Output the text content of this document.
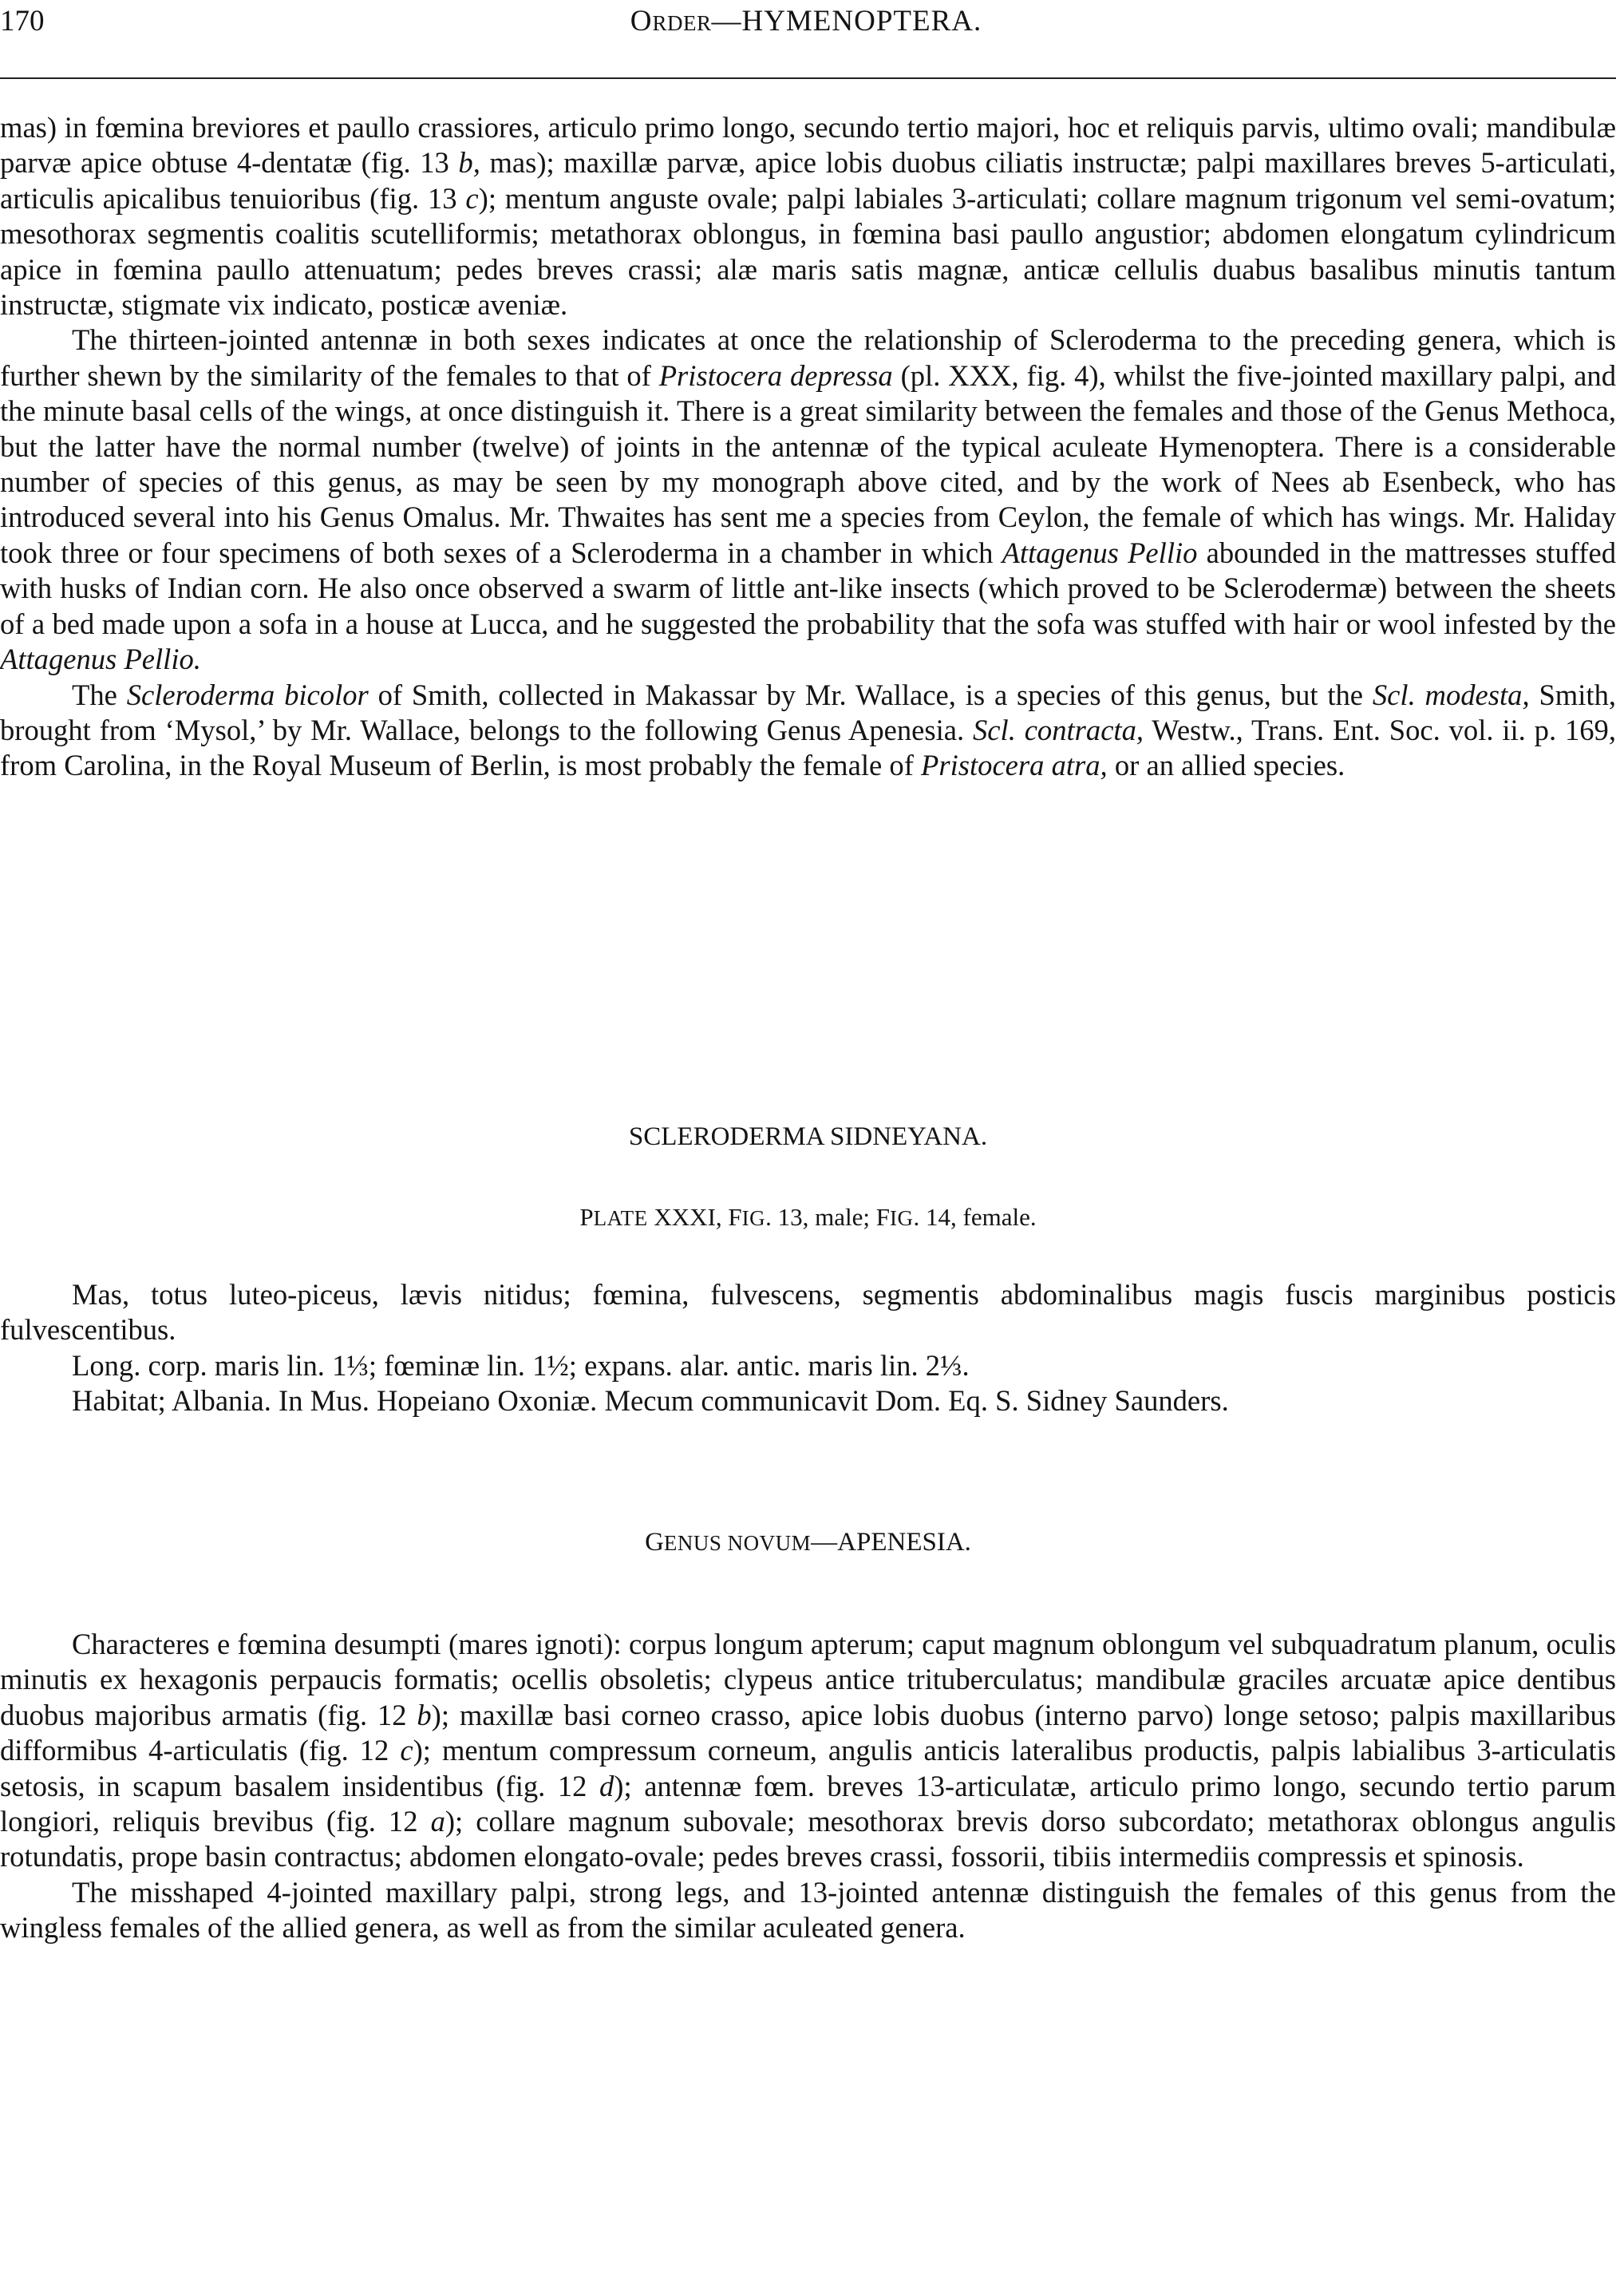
170	ORDER—HYMENOPTERA.

mas) in fœmina breviores et paullo crassiores, articulo primo longo, secundo tertio majori, hoc et reliquis parvis, ultimo ovali; mandibulæ parvæ apice obtuse 4-dentatæ (fig. 13 b, mas); maxillæ parvæ, apice lobis duobus ciliatis instructæ; palpi maxillares breves 5-articulati, articulis apicalibus tenuioribus (fig. 13 c); mentum anguste ovale; palpi labiales 3-articulati; collare magnum trigonum vel semi-ovatum; mesothorax segmentis coalitis scutelliformis; metathorax oblongus, in fœmina basi paullo angustior; abdomen elongatum cylindricum apice in fœmina paullo attenuatum; pedes breves crassi; alæ maris satis magnæ, anticæ cellulis duabus basalibus minutis tantum instructæ, stigmate vix indicato, posticæ aveniæ.

The thirteen-jointed antennæ in both sexes indicates at once the relationship of Scleroderma to the preceding genera, which is further shewn by the similarity of the females to that of Pristocera depressa (pl. XXX, fig. 4), whilst the five-jointed maxillary palpi, and the minute basal cells of the wings, at once distinguish it. There is a great similarity between the females and those of the Genus Methoca, but the latter have the normal number (twelve) of joints in the antennæ of the typical aculeate Hymenoptera. There is a considerable number of species of this genus, as may be seen by my monograph above cited, and by the work of Nees ab Esenbeck, who has introduced several into his Genus Omalus. Mr. Thwaites has sent me a species from Ceylon, the female of which has wings. Mr. Haliday took three or four specimens of both sexes of a Scleroderma in a chamber in which Attagenus Pellio abounded in the mattresses stuffed with husks of Indian corn. He also once observed a swarm of little ant-like insects (which proved to be Sclerodermæ) between the sheets of a bed made upon a sofa in a house at Lucca, and he suggested the probability that the sofa was stuffed with hair or wool infested by the Attagenus Pellio.

The Scleroderma bicolor of Smith, collected in Makassar by Mr. Wallace, is a species of this genus, but the Scl. modesta, Smith, brought from ‘Mysol,’ by Mr. Wallace, belongs to the following Genus Apenesia. Scl. contracta, Westw., Trans. Ent. Soc. vol. ii. p. 169, from Carolina, in the Royal Museum of Berlin, is most probably the female of Pristocera atra, or an allied species.

SCLERODERMA SIDNEYANA.

PLATE XXXI, FIG. 13, male; FIG. 14, female.

Mas, totus luteo-piceus, lævis nitidus; fœmina, fulvescens, segmentis abdominalibus magis fuscis marginibus posticis fulvescentibus.

Long. corp. maris lin. 1⅓; fœminæ lin. 1½; expans. alar. antic. maris lin. 2⅓.

Habitat; Albania. In Mus. Hopeiano Oxoniæ. Mecum communicavit Dom. Eq. S. Sidney Saunders.

GENUS NOVUM—APENESIA.

Characteres e fœmina desumpti (mares ignoti): corpus longum apterum; caput magnum oblongum vel subquadratum planum, oculis minutis ex hexagonis perpaucis formatis; ocellis obsoletis; clypeus antice trituberculatus; mandibulæ graciles arcuatæ apice dentibus duobus majoribus armatis (fig. 12 b); maxillæ basi corneo crasso, apice lobis duobus (interno parvo) longe setoso; palpis maxillaribus difformibus 4-articulatis (fig. 12 c); mentum compressum corneum, angulis anticis lateralibus productis, palpis labialibus 3-articulatis setosis, in scapum basalem insidentibus (fig. 12 d); antennæ fœm. breves 13-articulatæ, articulo primo longo, secundo tertio parum longiori, reliquis brevibus (fig. 12 a); collare magnum subovale; mesothorax brevis dorso subcordato; metathorax oblongus angulis rotundatis, prope basin contractus; abdomen elongato-ovale; pedes breves crassi, fossorii, tibiis intermediis compressis et spinosis.

The misshaped 4-jointed maxillary palpi, strong legs, and 13-jointed antennæ distinguish the females of this genus from the wingless females of the allied genera, as well as from the similar aculeated genera.
